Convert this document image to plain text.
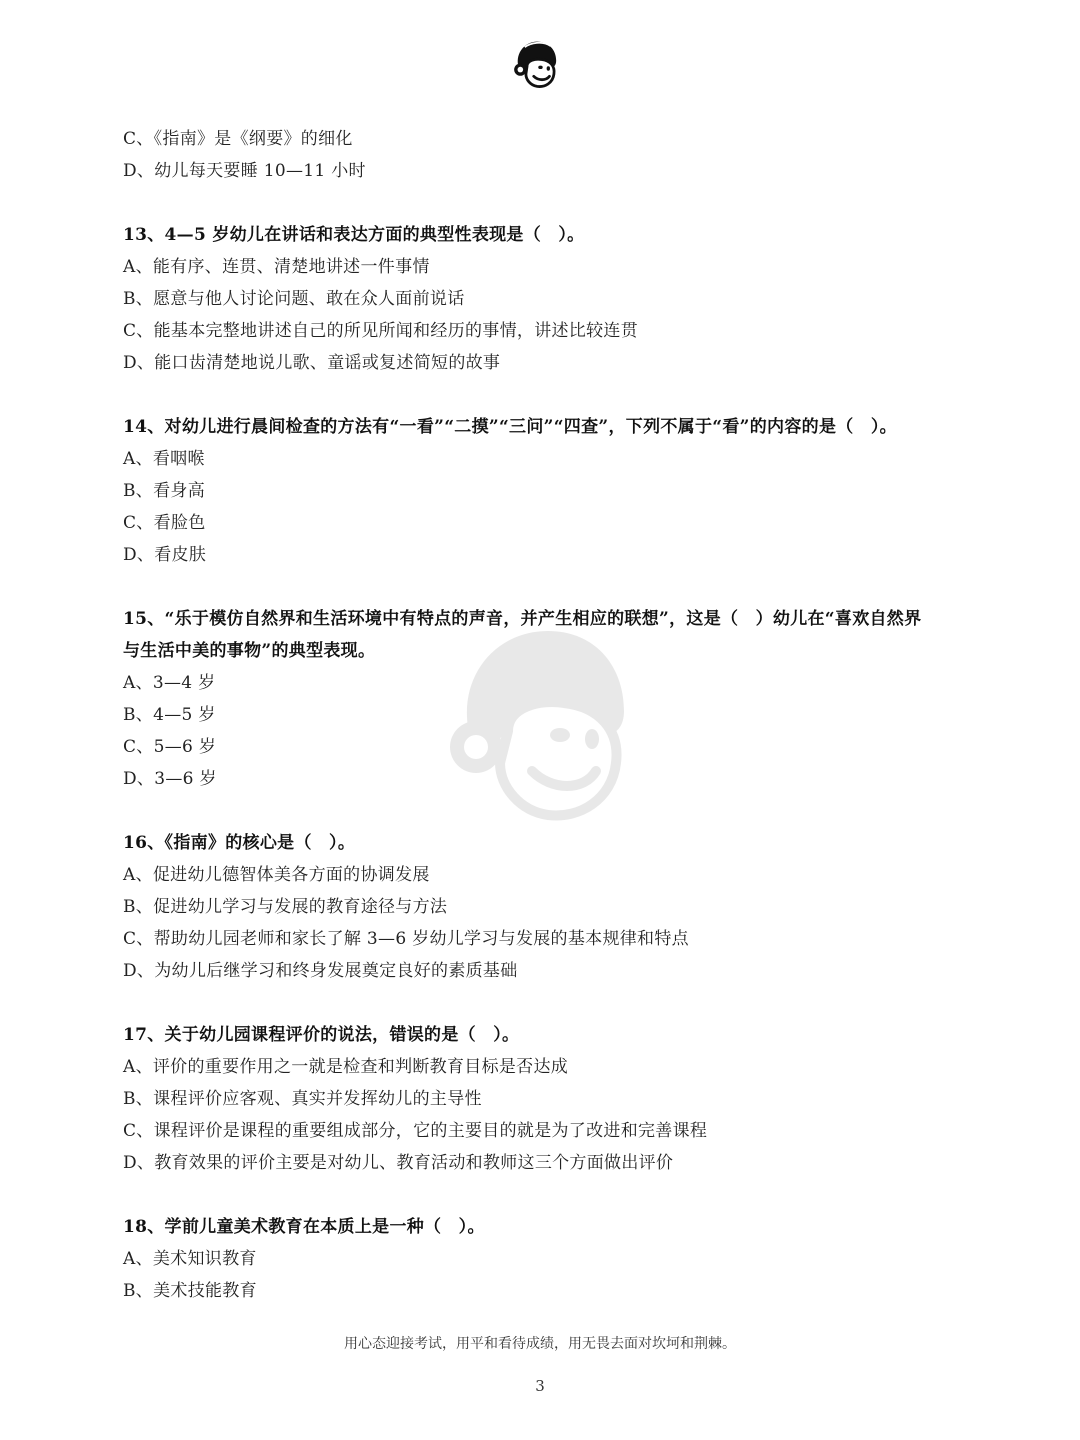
C、《指南》是《纲要》的细化
D、幼儿每天要睡 10—11 小时
13、4—5 岁幼儿在讲话和表达方面的典型性表现是（　）。
A、能有序、连贯、清楚地讲述一件事情
B、愿意与他人讨论问题、敢在众人面前说话
C、能基本完整地讲述自己的所见所闻和经历的事情，讲述比较连贯
D、能口齿清楚地说儿歌、童谣或复述简短的故事
14、对幼儿进行晨间检查的方法有“一看”“二摸”“三问”“四查”，下列不属于“看”的内容的是（　）。
A、看咽喉
B、看身高
C、看脸色
D、看皮肤
15、“乐于模仿自然界和生活环境中有特点的声音，并产生相应的联想”，这是（　）幼儿在“喜欢自然界
与生活中美的事物”的典型表现。
A、3—4 岁
B、4—5 岁
C、5—6 岁
D、3—6 岁
16、《指南》的核心是（　）。
A、促进幼儿德智体美各方面的协调发展
B、促进幼儿学习与发展的教育途径与方法
C、帮助幼儿园老师和家长了解 3—6 岁幼儿学习与发展的基本规律和特点
D、为幼儿后继学习和终身发展奠定良好的素质基础
17、关于幼儿园课程评价的说法，错误的是（　）。
A、评价的重要作用之一就是检查和判断教育目标是否达成
B、课程评价应客观、真实并发挥幼儿的主导性
C、课程评价是课程的重要组成部分，它的主要目的就是为了改进和完善课程
D、教育效果的评价主要是对幼儿、教育活动和教师这三个方面做出评价
18、学前儿童美术教育在本质上是一种（　）。
A、美术知识教育
B、美术技能教育
用心态迎接考试，用平和看待成绩，用无畏去面对坎坷和荆棘。
3
